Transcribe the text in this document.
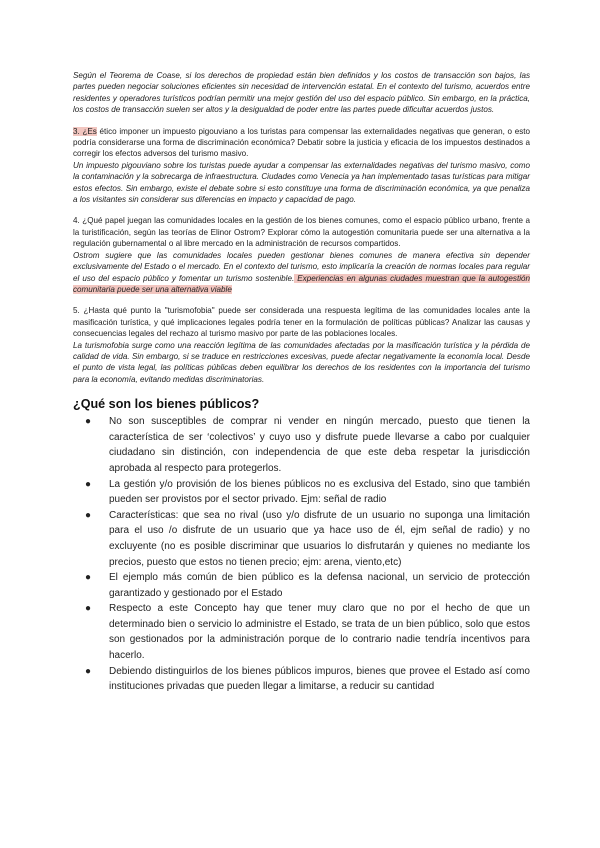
Según el Teorema de Coase, si los derechos de propiedad están bien definidos y los costos de transacción son bajos, las partes pueden negociar soluciones eficientes sin necesidad de intervención estatal. En el contexto del turismo, acuerdos entre residentes y operadores turísticos podrían permitir una mejor gestión del uso del espacio público. Sin embargo, en la práctica, los costos de transacción suelen ser altos y la desigualdad de poder entre las partes puede dificultar acuerdos justos.

3. ¿Es ético imponer un impuesto pigouviano a los turistas para compensar las externalidades negativas que generan, o esto podría considerarse una forma de discriminación económica? Debatir sobre la justicia y eficacia de los impuestos destinados a corregir los efectos adversos del turismo masivo.

Un impuesto pigouviano sobre los turistas puede ayudar a compensar las externalidades negativas del turismo masivo, como la contaminación y la sobrecarga de infraestructura. Ciudades como Venecia ya han implementado tasas turísticas para mitigar estos efectos. Sin embargo, existe el debate sobre si esto constituye una forma de discriminación económica, ya que penaliza a los visitantes sin considerar sus diferencias en impacto y capacidad de pago.

4. ¿Qué papel juegan las comunidades locales en la gestión de los bienes comunes, como el espacio público urbano, frente a la turistificación, según las teorías de Elinor Ostrom? Explorar cómo la autogestión comunitaria puede ser una alternativa a la regulación gubernamental o al libre mercado en la administración de recursos compartidos.

Ostrom sugiere que las comunidades locales pueden gestionar bienes comunes de manera efectiva sin depender exclusivamente del Estado o el mercado. En el contexto del turismo, esto implicaría la creación de normas locales para regular el uso del espacio público y fomentar un turismo sostenible. Experiencias en algunas ciudades muestran que la autogestión comunitaria puede ser una alternativa viable

5. ¿Hasta qué punto la "turismofobia" puede ser considerada una respuesta legítima de las comunidades locales ante la masificación turística, y qué implicaciones legales podría tener en la formulación de políticas públicas? Analizar las causas y consecuencias legales del rechazo al turismo masivo por parte de las poblaciones locales.

La turismofobia surge como una reacción legítima de las comunidades afectadas por la masificación turística y la pérdida de calidad de vida. Sin embargo, si se traduce en restricciones excesivas, puede afectar negativamente la economía local. Desde el punto de vista legal, las políticas públicas deben equilibrar los derechos de los residentes con la importancia del turismo para la economía, evitando medidas discriminatorias.

¿Qué son los bienes públicos?
● No son susceptibles de comprar ni vender en ningún mercado, puesto que tienen la característica de ser ‘colectivos’ y cuyo uso y disfrute puede llevarse a cabo por cualquier ciudadano sin distinción, con independencia de que este deba respetar la jurisdicción aprobada al respecto para protegerlos.
● La gestión y/o provisión de los bienes públicos no es exclusiva del Estado, sino que también pueden ser provistos por el sector privado. Ejm: señal de radio
● Características: que sea no rival (uso y/o disfrute de un usuario no suponga una limitación para el uso /o disfrute de un usuario que ya hace uso de él, ejm señal de radio) y no excluyente (no es posible discriminar que usuarios lo disfrutarán y quienes no mediante los precios, puesto que estos no tienen precio; ejm: arena, viento,etc)
● El ejemplo más común de bien público es la defensa nacional, un servicio de protección garantizado y gestionado por el Estado
● Respecto a este Concepto hay que tener muy claro que no por el hecho de que un determinado bien o servicio lo administre el Estado, se trata de un bien público, solo que estos son gestionados por la administración porque de lo contrario nadie tendría incentivos para hacerlo.
● Debiendo distinguirlos de los bienes públicos impuros, bienes que provee el Estado así como instituciones privadas que pueden llegar a limitarse, a reducir su cantidad
